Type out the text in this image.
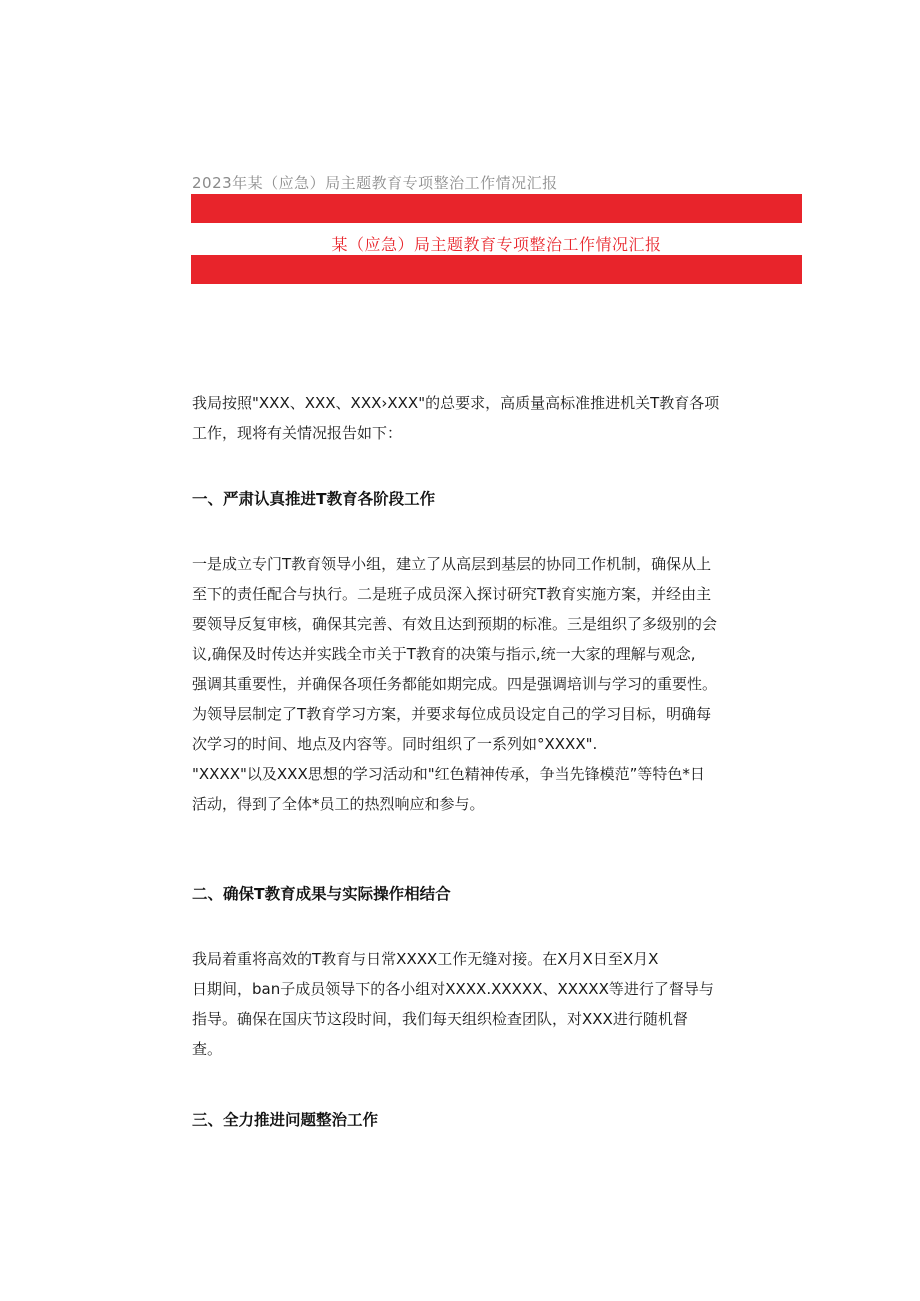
2023年某（应急）局主题教育专项整治工作情况汇报
某（应急）局主题教育专项整治工作情况汇报

我局按照"XXX、XXX、XXX›XXX"的总要求，高质量高标准推进机关T教育各项
工作，现将有关情况报告如下：

一、严肃认真推进T教育各阶段工作

一是成立专门T教育领导小组，建立了从高层到基层的协同工作机制，确保从上
至下的责任配合与执行。二是班子成员深入探讨研究T教育实施方案，并经由主
要领导反复审核，确保其完善、有效且达到预期的标准。三是组织了多级别的会
议,确保及时传达并实践全市关于T教育的决策与指示,统一大家的理解与观念,
强调其重要性，并确保各项任务都能如期完成。四是强调培训与学习的重要性。
为领导层制定了T教育学习方案，并要求每位成员设定自己的学习目标，明确每
次学习的时间、地点及内容等。同时组织了一系列如°XXXX".
"XXXX"以及XXX思想的学习活动和"红色精神传承，争当先锋模范”等特色*日
活动，得到了全体*员工的热烈响应和参与。

二、确保T教育成果与实际操作相结合

我局着重将高效的T教育与日常XXXX工作无缝对接。在X月X日至X月X
日期间，ban子成员领导下的各小组对XXXX.XXXXX、XXXXX等进行了督导与
指导。确保在国庆节这段时间，我们每天组织检查团队，对XXX进行随机督
查。

三、全力推进问题整治工作
